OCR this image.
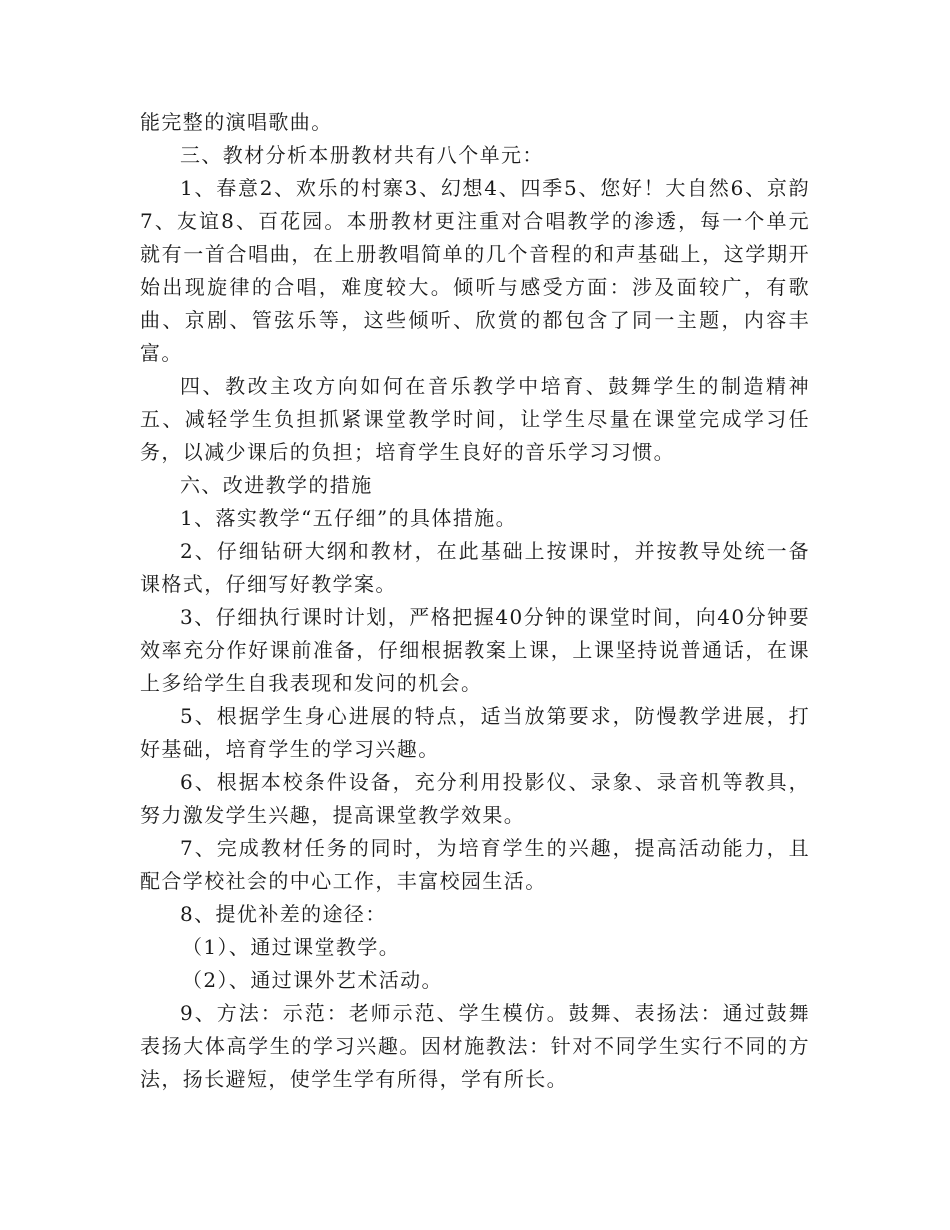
能完整的演唱歌曲。

三、教材分析本册教材共有八个单元：

1、春意2、欢乐的村寨3、幻想4、四季5、您好！大自然6、京韵7、友谊8、百花园。本册教材更注重对合唱教学的渗透，每一个单元就有一首合唱曲，在上册教唱简单的几个音程的和声基础上，这学期开始出现旋律的合唱，难度较大。倾听与感受方面：涉及面较广，有歌曲、京剧、管弦乐等，这些倾听、欣赏的都包含了同一主题，内容丰富。

四、教改主攻方向如何在音乐教学中培育、鼓舞学生的制造精神五、减轻学生负担抓紧课堂教学时间，让学生尽量在课堂完成学习任务，以减少课后的负担；培育学生良好的音乐学习习惯。

六、改进教学的措施

1、落实教学“五仔细”的具体措施。

2、仔细钻研大纲和教材，在此基础上按课时，并按教导处统一备课格式，仔细写好教学案。

3、仔细执行课时计划，严格把握40分钟的课堂时间，向40分钟要效率充分作好课前准备，仔细根据教案上课，上课坚持说普通话，在课上多给学生自我表现和发问的机会。

5、根据学生身心进展的特点，适当放第要求，防慢教学进展，打好基础，培育学生的学习兴趣。

6、根据本校条件设备，充分利用投影仪、录象、录音机等教具，努力激发学生兴趣，提高课堂教学效果。

7、完成教材任务的同时，为培育学生的兴趣，提高活动能力，且配合学校社会的中心工作，丰富校园生活。

8、提优补差的途径：

（1）、通过课堂教学。

（2）、通过课外艺术活动。

9、方法：示范：老师示范、学生模仿。鼓舞、表扬法：通过鼓舞表扬大体高学生的学习兴趣。因材施教法：针对不同学生实行不同的方法，扬长避短，使学生学有所得，学有所长。
